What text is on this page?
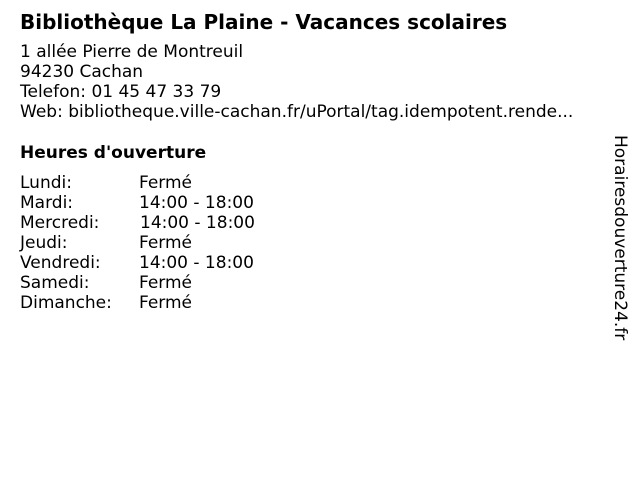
Bibliothèque La Plaine - Vacances scolaires
1 allée Pierre de Montreuil
94230 Cachan
Telefon: 01 45 47 33 79
Web: bibliotheque.ville-cachan.fr/uPortal/tag.idempotent.rende...
Heures d'ouverture
Lundi:	Fermé
Mardi:	14:00 - 18:00
Mercredi:	14:00 - 18:00
Jeudi:	Fermé
Vendredi:	14:00 - 18:00
Samedi:	Fermé
Dimanche:	Fermé	Horairesdouverture24.fr
